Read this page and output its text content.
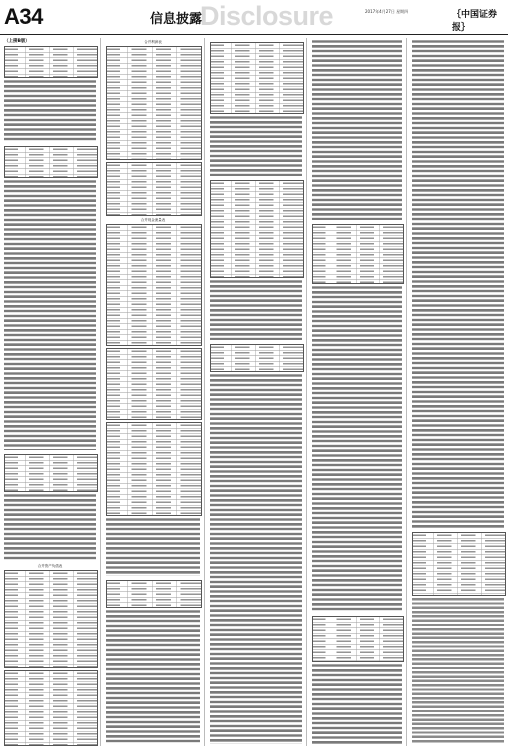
A34	Disclosure
信息披露
2017年4月27日 星期四	｛中国证券报｝
（上接B版）
合并资产负债表
合并利润表
合并现金流量表
